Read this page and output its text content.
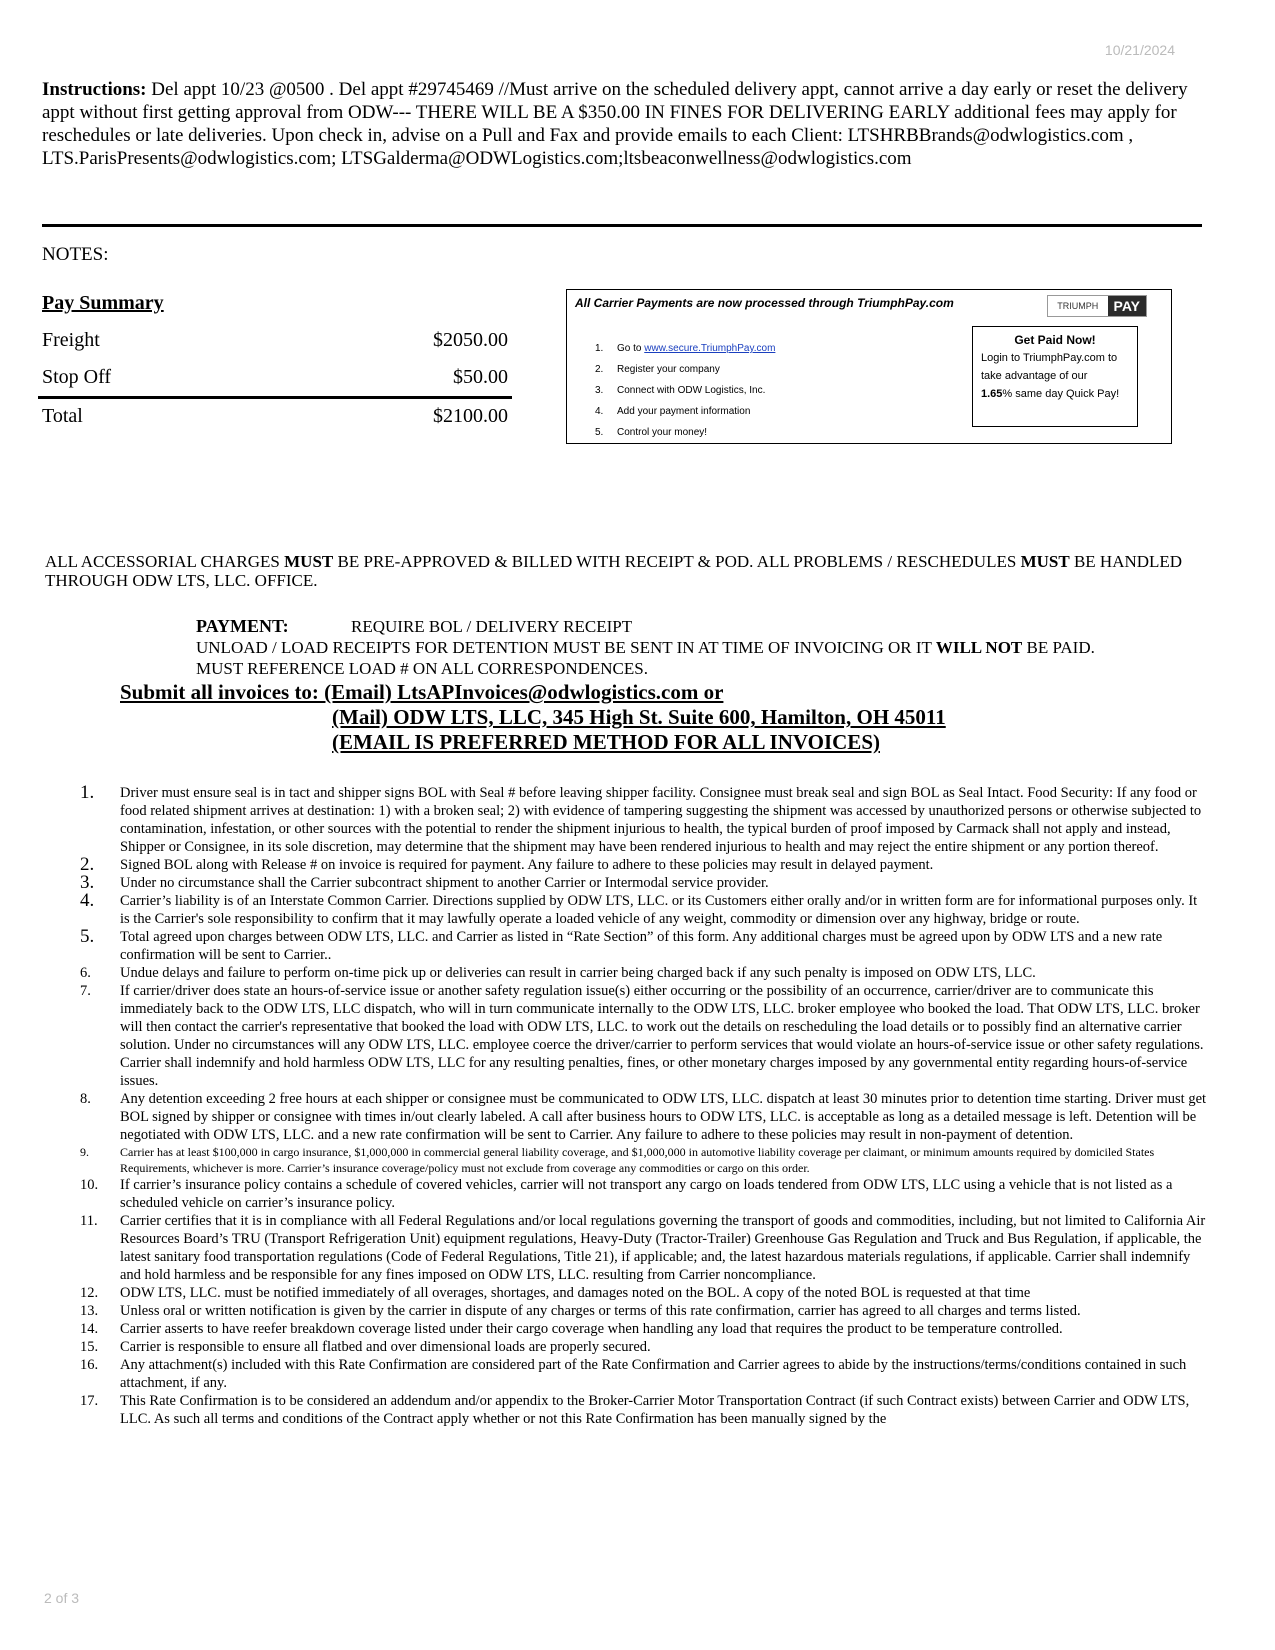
10/21/2024
Instructions: Del appt 10/23 @0500 . Del appt #29745469 //Must arrive on the scheduled delivery appt, cannot arrive a day early or reset the delivery appt without first getting approval from ODW--- THERE WILL BE A $350.00 IN FINES FOR DELIVERING EARLY additional fees may apply for reschedules or late deliveries. Upon check in, advise on a Pull and Fax and provide emails to each Client: LTSHRBBrands@odwlogistics.com , LTS.ParisPresents@odwlogistics.com; LTSGalderma@ODWLogistics.com;ltsbeaconwellness@odwlogistics.com
NOTES:
Pay Summary
Freight	$2050.00
Stop Off	$50.00
Total	$2100.00
All Carrier Payments are now processed through TriumphPay.com	TRIUMPH	PAY
1. Go to www.secure.TriumphPay.com
2. Register your company
3. Connect with ODW Logistics, Inc.
4. Add your payment information
5. Control your money!
Get Paid Now!
Login to TriumphPay.com to take advantage of our
1.65% same day Quick Pay!
ALL ACCESSORIAL CHARGES MUST BE PRE-APPROVED & BILLED WITH RECEIPT & POD. ALL PROBLEMS / RESCHEDULES MUST BE HANDLED THROUGH ODW LTS, LLC. OFFICE.
PAYMENT:	REQUIRE BOL / DELIVERY RECEIPT
UNLOAD / LOAD RECEIPTS FOR DETENTION MUST BE SENT IN AT TIME OF INVOICING OR IT WILL NOT BE PAID.
MUST REFERENCE LOAD # ON ALL CORRESPONDENCES.
Submit all invoices to: (Email) LtsAPInvoices@odwlogistics.com or
(Mail) ODW LTS, LLC, 345 High St. Suite 600, Hamilton, OH 45011
(EMAIL IS PREFERRED METHOD FOR ALL INVOICES)
1.	Driver must ensure seal is in tact and shipper signs BOL with Seal # before leaving shipper facility. Consignee must break seal and sign BOL as Seal Intact. Food Security: If any food or food related shipment arrives at destination: 1) with a broken seal; 2) with evidence of tampering suggesting the shipment was accessed by unauthorized persons or otherwise subjected to contamination, infestation, or other sources with the potential to render the shipment injurious to health, the typical burden of proof imposed by Carmack shall not apply and instead, Shipper or Consignee, in its sole discretion, may determine that the shipment may have been rendered injurious to health and may reject the entire shipment or any portion thereof.
2.	Signed BOL along with Release # on invoice is required for payment. Any failure to adhere to these policies may result in delayed payment.
3.	Under no circumstance shall the Carrier subcontract shipment to another Carrier or Intermodal service provider.
4.	Carrier’s liability is of an Interstate Common Carrier. Directions supplied by ODW LTS, LLC. or its Customers either orally and/or in written form are for informational purposes only. It is the Carrier's sole responsibility to confirm that it may lawfully operate a loaded vehicle of any weight, commodity or dimension over any highway, bridge or route.
5.	Total agreed upon charges between ODW LTS, LLC. and Carrier as listed in “Rate Section” of this form. Any additional charges must be agreed upon by ODW LTS and a new rate confirmation will be sent to Carrier..
6.	Undue delays and failure to perform on-time pick up or deliveries can result in carrier being charged back if any such penalty is imposed on ODW LTS, LLC.
7.	If carrier/driver does state an hours-of-service issue or another safety regulation issue(s) either occurring or the possibility of an occurrence, carrier/driver are to communicate this immediately back to the ODW LTS, LLC dispatch, who will in turn communicate internally to the ODW LTS, LLC. broker employee who booked the load. That ODW LTS, LLC. broker will then contact the carrier's representative that booked the load with ODW LTS, LLC. to work out the details on rescheduling the load details or to possibly find an alternative carrier solution. Under no circumstances will any ODW LTS, LLC. employee coerce the driver/carrier to perform services that would violate an hours-of-service issue or other safety regulations. Carrier shall indemnify and hold harmless ODW LTS, LLC for any resulting penalties, fines, or other monetary charges imposed by any governmental entity regarding hours-of-service issues.
8.	Any detention exceeding 2 free hours at each shipper or consignee must be communicated to ODW LTS, LLC. dispatch at least 30 minutes prior to detention time starting. Driver must get BOL signed by shipper or consignee with times in/out clearly labeled. A call after business hours to ODW LTS, LLC. is acceptable as long as a detailed message is left. Detention will be negotiated with ODW LTS, LLC. and a new rate confirmation will be sent to Carrier. Any failure to adhere to these policies may result in non-payment of detention.
9.	Carrier has at least $100,000 in cargo insurance, $1,000,000 in commercial general liability coverage, and $1,000,000 in automotive liability coverage per claimant, or minimum amounts required by domiciled States Requirements, whichever is more. Carrier’s insurance coverage/policy must not exclude from coverage any commodities or cargo on this order.
10.	If carrier’s insurance policy contains a schedule of covered vehicles, carrier will not transport any cargo on loads tendered from ODW LTS, LLC using a vehicle that is not listed as a scheduled vehicle on carrier’s insurance policy.
11.	Carrier certifies that it is in compliance with all Federal Regulations and/or local regulations governing the transport of goods and commodities, including, but not limited to California Air Resources Board’s TRU (Transport Refrigeration Unit) equipment regulations, Heavy-Duty (Tractor-Trailer) Greenhouse Gas Regulation and Truck and Bus Regulation, if applicable, the latest sanitary food transportation regulations (Code of Federal Regulations, Title 21), if applicable; and, the latest hazardous materials regulations, if applicable. Carrier shall indemnify and hold harmless and be responsible for any fines imposed on ODW LTS, LLC. resulting from Carrier noncompliance.
12.	ODW LTS, LLC. must be notified immediately of all overages, shortages, and damages noted on the BOL. A copy of the noted BOL is requested at that time
13.	Unless oral or written notification is given by the carrier in dispute of any charges or terms of this rate confirmation, carrier has agreed to all charges and terms listed.
14.	Carrier asserts to have reefer breakdown coverage listed under their cargo coverage when handling any load that requires the product to be temperature controlled.
15.	Carrier is responsible to ensure all flatbed and over dimensional loads are properly secured.
16.	Any attachment(s) included with this Rate Confirmation are considered part of the Rate Confirmation and Carrier agrees to abide by the instructions/terms/conditions contained in such attachment, if any.
17.	This Rate Confirmation is to be considered an addendum and/or appendix to the Broker-Carrier Motor Transportation Contract (if such Contract exists) between Carrier and ODW LTS, LLC. As such all terms and conditions of the Contract apply whether or not this Rate Confirmation has been manually signed by the
2 of 3
